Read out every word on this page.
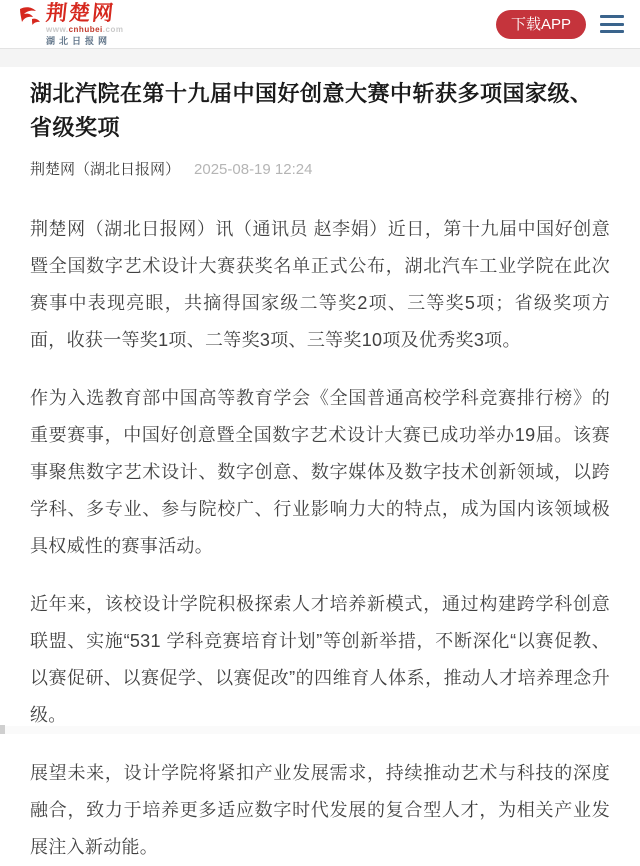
荆楚网
www.cnhubei.com
湖北日报网
下载APP
湖北汽院在第十九届中国好创意大赛中斩获多项国家级、省级奖项
荆楚网（湖北日报网） 2025-08-19 12:24

荆楚网（湖北日报网）讯（通讯员 赵李娟）近日，第十九届中国好创意暨全国数字艺术设计大赛获奖名单正式公布，湖北汽车工业学院在此次赛事中表现亮眼，共摘得国家级二等奖2项、三等奖5项；省级奖项方面，收获一等奖1项、二等奖3项、三等奖10项及优秀奖3项。

作为入选教育部中国高等教育学会《全国普通高校学科竞赛排行榜》的重要赛事，中国好创意暨全国数字艺术设计大赛已成功举办19届。该赛事聚焦数字艺术设计、数字创意、数字媒体及数字技术创新领域，以跨学科、多专业、参与院校广、行业影响力大的特点，成为国内该领域极具权威性的赛事活动。

近年来，该校设计学院积极探索人才培养新模式，通过构建跨学科创意联盟、实施“531 学科竞赛培育计划”等创新举措，不断深化“以赛促教、以赛促研、以赛促学、以赛促改”的四维育人体系，推动人才培养理念升级。

展望未来，设计学院将紧扣产业发展需求，持续推动艺术与科技的深度融合，致力于培养更多适应数字时代发展的复合型人才，为相关产业发展注入新动能。
